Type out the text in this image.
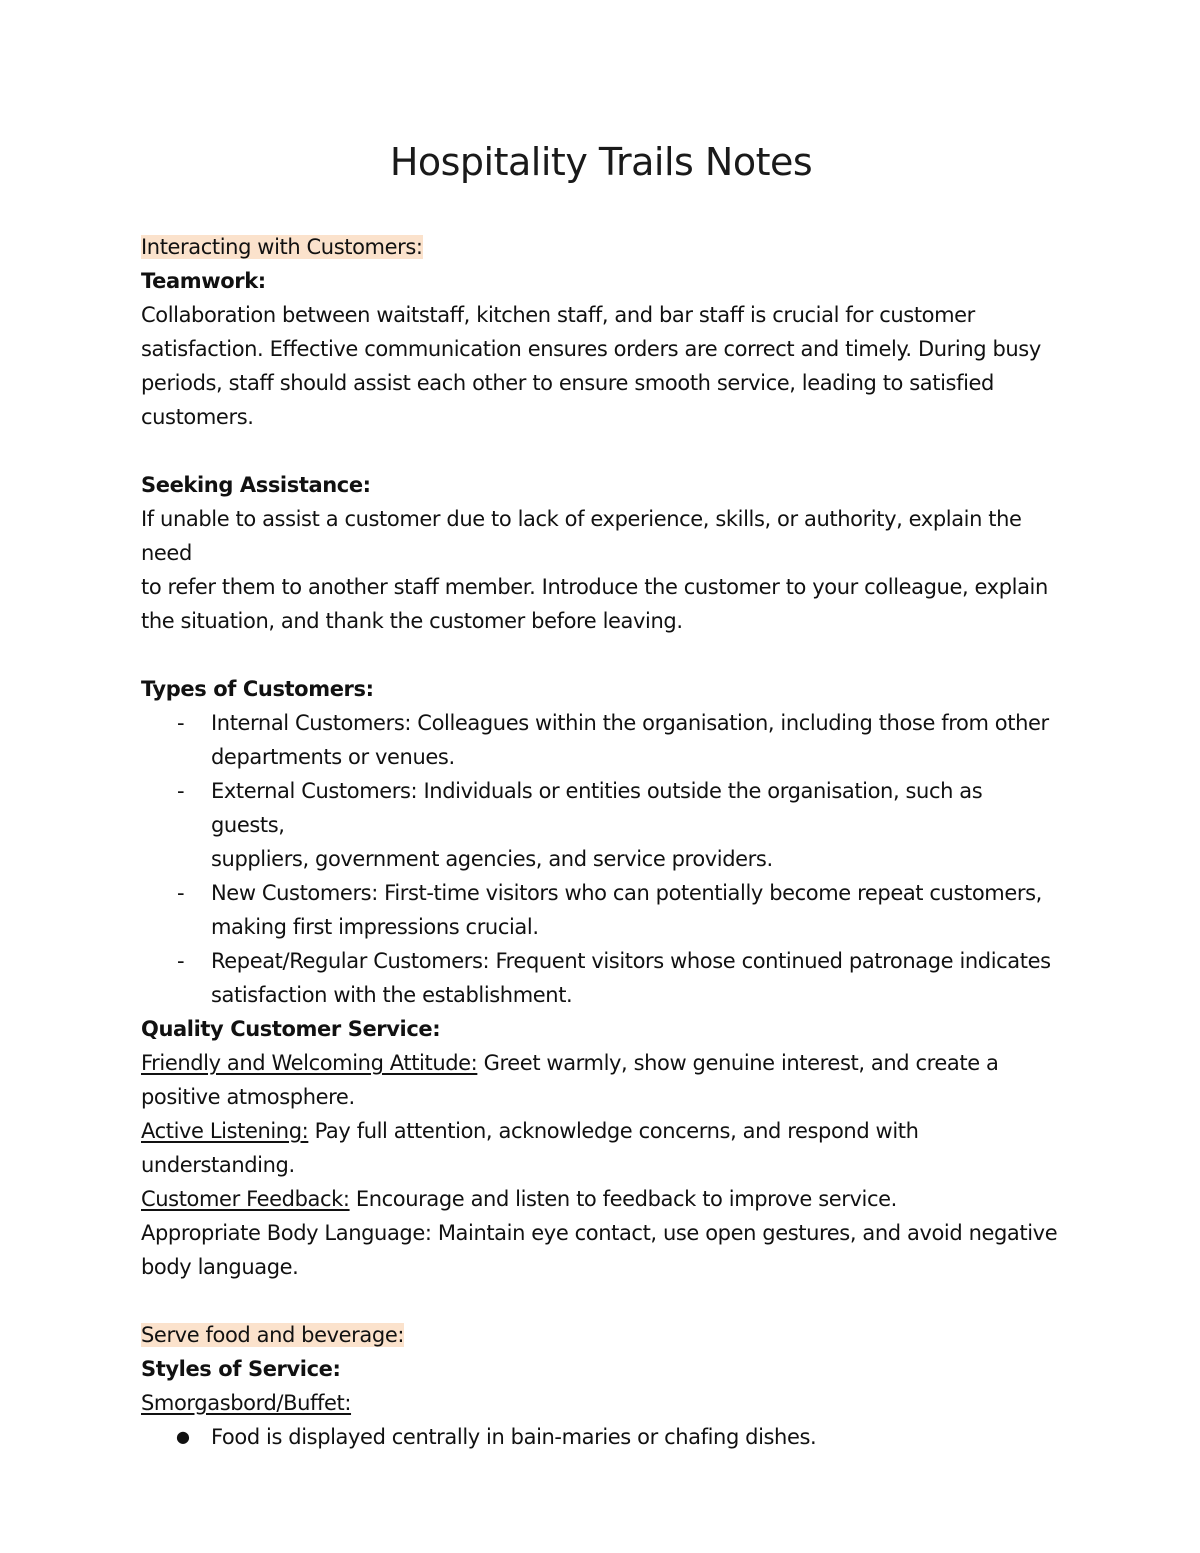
Hospitality Trails Notes

Interacting with Customers:

Teamwork:

Collaboration between waitstaff, kitchen staff, and bar staff is crucial for customer

satisfaction. Effective communication ensures orders are correct and timely. During busy

periods, staff should assist each other to ensure smooth service, leading to satisfied

customers.

Seeking Assistance:

If unable to assist a customer due to lack of experience, skills, or authority, explain the need

to refer them to another staff member. Introduce the customer to your colleague, explain

the situation, and thank the customer before leaving.

Types of Customers:

- Internal Customers: Colleagues within the organisation, including those from other
departments or venues.
- External Customers: Individuals or entities outside the organisation, such as guests,
suppliers, government agencies, and service providers.
- New Customers: First-time visitors who can potentially become repeat customers,
making first impressions crucial.
- Repeat/Regular Customers: Frequent visitors whose continued patronage indicates
satisfaction with the establishment.

Quality Customer Service:

Friendly and Welcoming Attitude: Greet warmly, show genuine interest, and create a

positive atmosphere.

Active Listening: Pay full attention, acknowledge concerns, and respond with

understanding.

Customer Feedback: Encourage and listen to feedback to improve service.

Appropriate Body Language: Maintain eye contact, use open gestures, and avoid negative

body language.

Serve food and beverage:

Styles of Service:

Smorgasbord/Buffet:

● Food is displayed centrally in bain-maries or chafing dishes.
